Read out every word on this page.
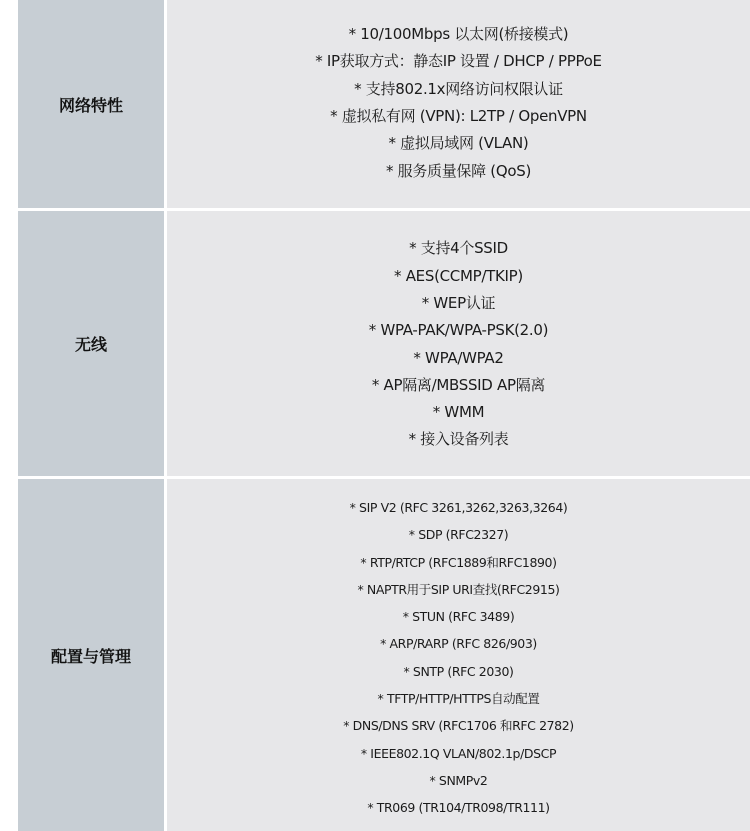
网络特性
* 10/100Mbps 以太网(桥接模式)
* IP获取方式：静态IP 设置 / DHCP / PPPoE
* 支持802.1x网络访问权限认证
* 虚拟私有网 (VPN): L2TP / OpenVPN
* 虚拟局域网 (VLAN)
* 服务质量保障 (QoS)
无线
* 支持4个SSID
* AES(CCMP/TKIP)
* WEP认证
* WPA-PAK/WPA-PSK(2.0)
* WPA/WPA2
* AP隔离/MBSSID AP隔离
* WMM
* 接入设备列表
配置与管理
* SIP V2 (RFC 3261,3262,3263,3264)
* SDP (RFC2327)
* RTP/RTCP (RFC1889和RFC1890)
* NAPTR用于SIP URI查找(RFC2915)
* STUN (RFC 3489)
* ARP/RARP (RFC 826/903)
* SNTP (RFC 2030)
* TFTP/HTTP/HTTPS自动配置
* DNS/DNS SRV (RFC1706 和RFC 2782)
* IEEE802.1Q VLAN/802.1p/DSCP
* SNMPv2
* TR069 (TR104/TR098/TR111)
